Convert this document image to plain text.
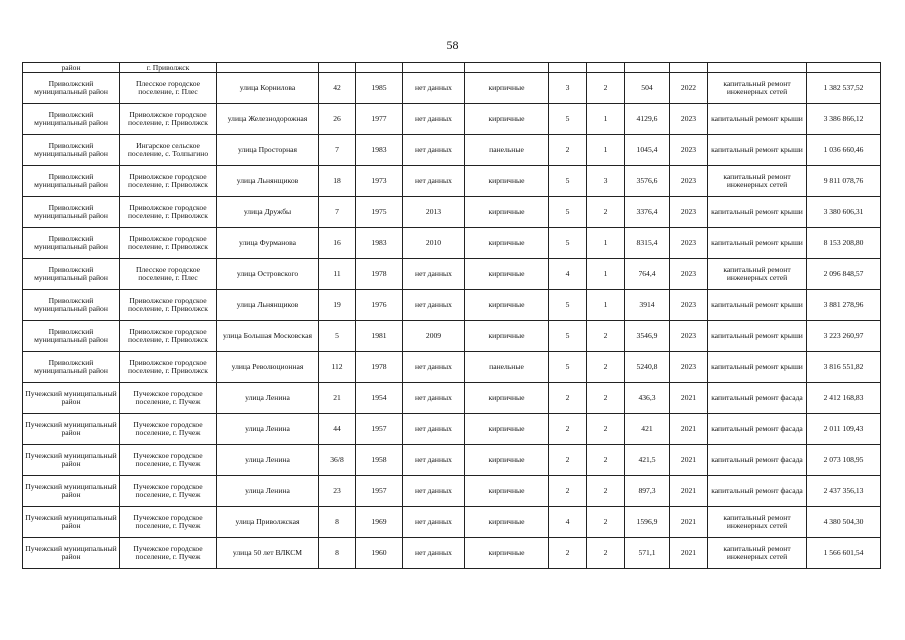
58
район	г. Приволжск											
Приволжский муниципальный район	Плесское городское поселение, г. Плес	улица Корнилова	42	1985	нет данных	кирпичные	3	2	504	2022	капитальный ремонт инженерных сетей	1 382 537,52
Приволжский муниципальный район	Приволжское городское поселение, г. Приволжск	улица Железнодорожная	26	1977	нет данных	кирпичные	5	1	4129,6	2023	капитальный ремонт крыши	3 386 866,12
Приволжский муниципальный район	Ингарское сельское поселение, с. Толпыгино	улица Просторная	7	1983	нет данных	панельные	2	1	1045,4	2023	капитальный ремонт крыши	1 036 660,46
Приволжский муниципальный район	Приволжское городское поселение, г. Приволжск	улица Льнянщиков	18	1973	нет данных	кирпичные	5	3	3576,6	2023	капитальный ремонт инженерных сетей	9 811 078,76
Приволжский муниципальный район	Приволжское городское поселение, г. Приволжск	улица Дружбы	7	1975	2013	кирпичные	5	2	3376,4	2023	капитальный ремонт крыши	3 380 606,31
Приволжский муниципальный район	Приволжское городское поселение, г. Приволжск	улица Фурманова	16	1983	2010	кирпичные	5	1	8315,4	2023	капитальный ремонт крыши	8 153 208,80
Приволжский муниципальный район	Плесское городское поселение, г. Плес	улица Островского	11	1978	нет данных	кирпичные	4	1	764,4	2023	капитальный ремонт инженерных сетей	2 096 848,57
Приволжский муниципальный район	Приволжское городское поселение, г. Приволжск	улица Льнянщиков	19	1976	нет данных	кирпичные	5	1	3914	2023	капитальный ремонт крыши	3 881 278,96
Приволжский муниципальный район	Приволжское городское поселение, г. Приволжск	улица Большая Московская	5	1981	2009	кирпичные	5	2	3546,9	2023	капитальный ремонт крыши	3 223 260,97
Приволжский муниципальный район	Приволжское городское поселение, г. Приволжск	улица Революционная	112	1978	нет данных	панельные	5	2	5240,8	2023	капитальный ремонт крыши	3 816 551,82
Пучежский муниципальный район	Пучежское городское поселение, г. Пучеж	улица Ленина	21	1954	нет данных	кирпичные	2	2	436,3	2021	капитальный ремонт фасада	2 412 168,83
Пучежский муниципальный район	Пучежское городское поселение, г. Пучеж	улица Ленина	44	1957	нет данных	кирпичные	2	2	421	2021	капитальный ремонт фасада	2 011 109,43
Пучежский муниципальный район	Пучежское городское поселение, г. Пучеж	улица Ленина	36/8	1958	нет данных	кирпичные	2	2	421,5	2021	капитальный ремонт фасада	2 073 108,95
Пучежский муниципальный район	Пучежское городское поселение, г. Пучеж	улица Ленина	23	1957	нет данных	кирпичные	2	2	897,3	2021	капитальный ремонт фасада	2 437 356,13
Пучежский муниципальный район	Пучежское городское поселение, г. Пучеж	улица Приволжская	8	1969	нет данных	кирпичные	4	2	1596,9	2021	капитальный ремонт инженерных сетей	4 380 504,30
Пучежский муниципальный район	Пучежское городское поселение, г. Пучеж	улица 50 лет ВЛКСМ	8	1960	нет данных	кирпичные	2	2	571,1	2021	капитальный ремонт инженерных сетей	1 566 601,54
